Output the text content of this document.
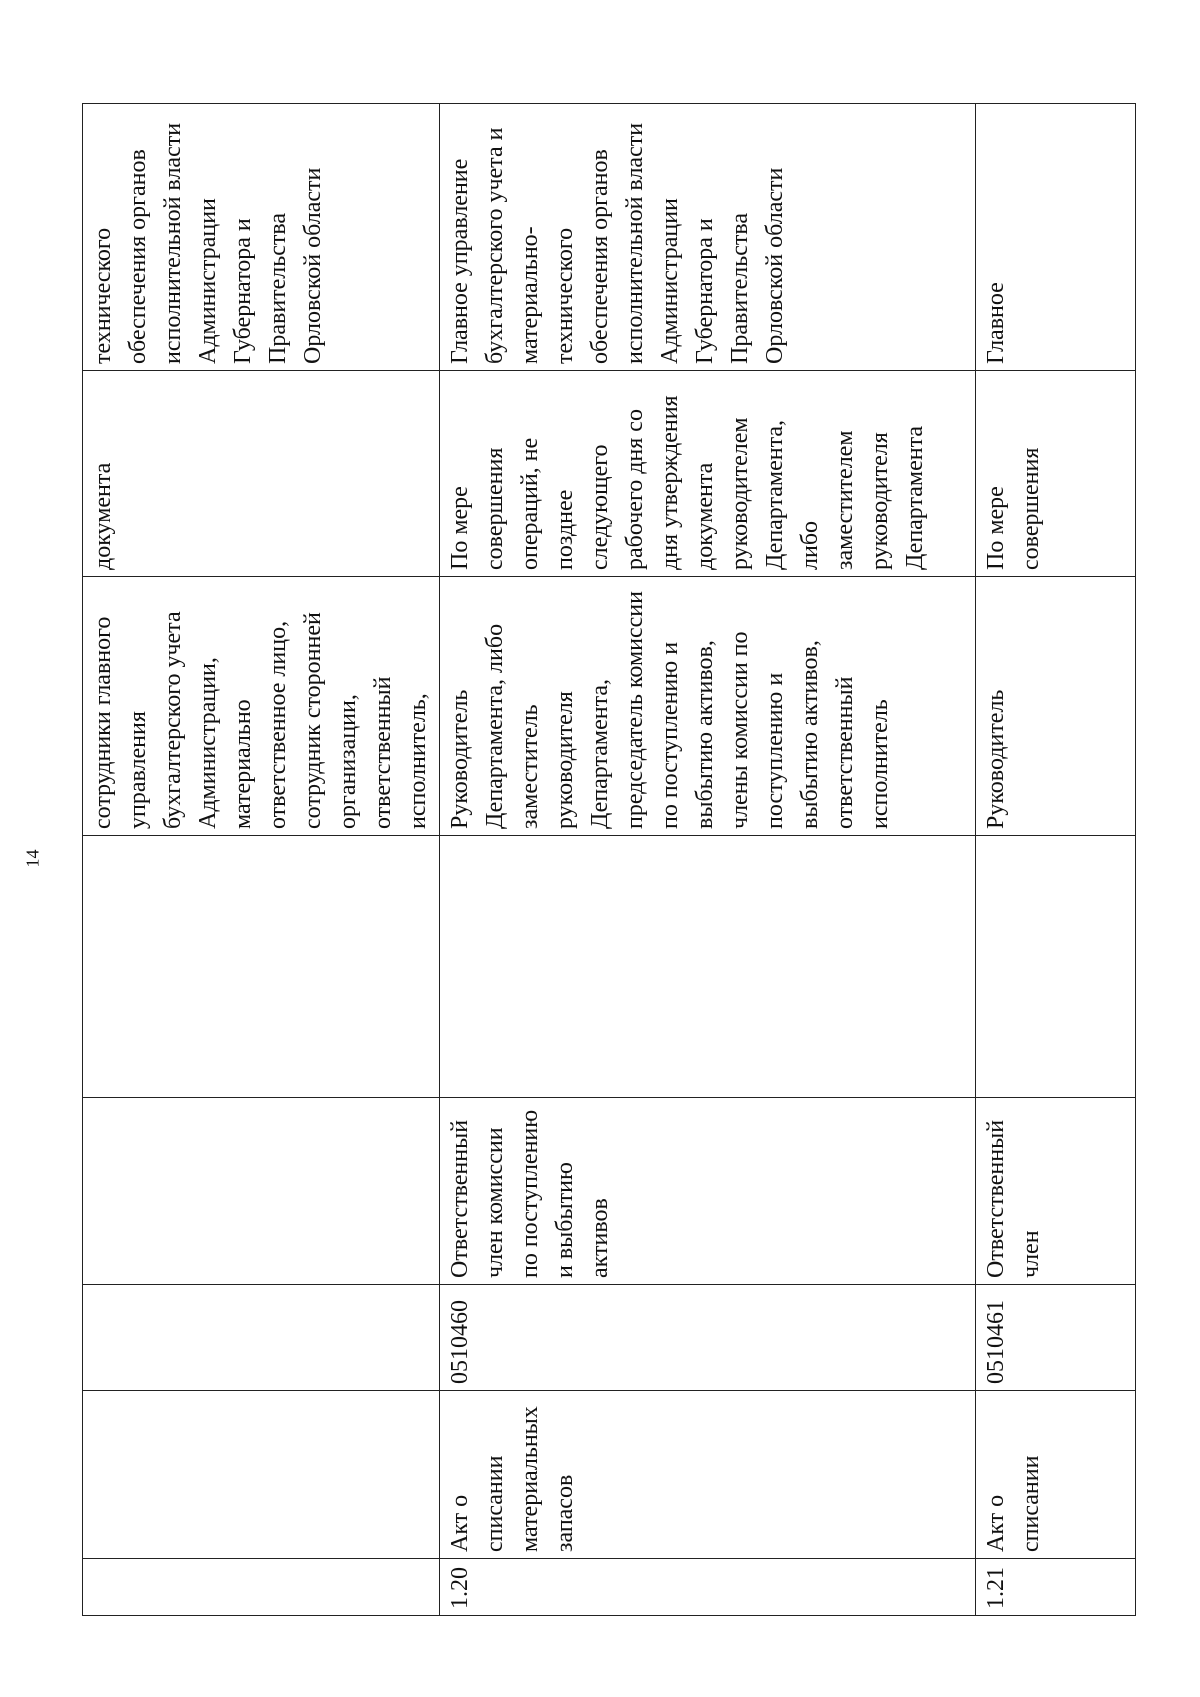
14
					сотрудники главного управления бухгалтерского учета Администрации, материально ответственное лицо, сотрудник сторонней организации, ответственный исполнитель,	документа	технического обеспечения органов исполнительной власти Администрации Губернатора и Правительства Орловской области
1.20	Акт о списании материальных запасов	0510460	Ответственный член комиссии по поступлению и выбытию активов		Руководитель Департамента, либо заместитель руководителя Департамента, председатель комиссии по поступлению и выбытию активов, члены комиссии по поступлению и выбытию активов, ответственный исполнитель	По мере совершения операций, не позднее следующего рабочего дня со дня утверждения документа руководителем Департамента, либо заместителем руководителя Департамента	Главное управление бухгалтерского учета и материально-технического обеспечения органов исполнительной власти Администрации Губернатора и Правительства Орловской области
1.21	Акт о списании	0510461	Ответственный член		Руководитель	По мере совершения	Главное
